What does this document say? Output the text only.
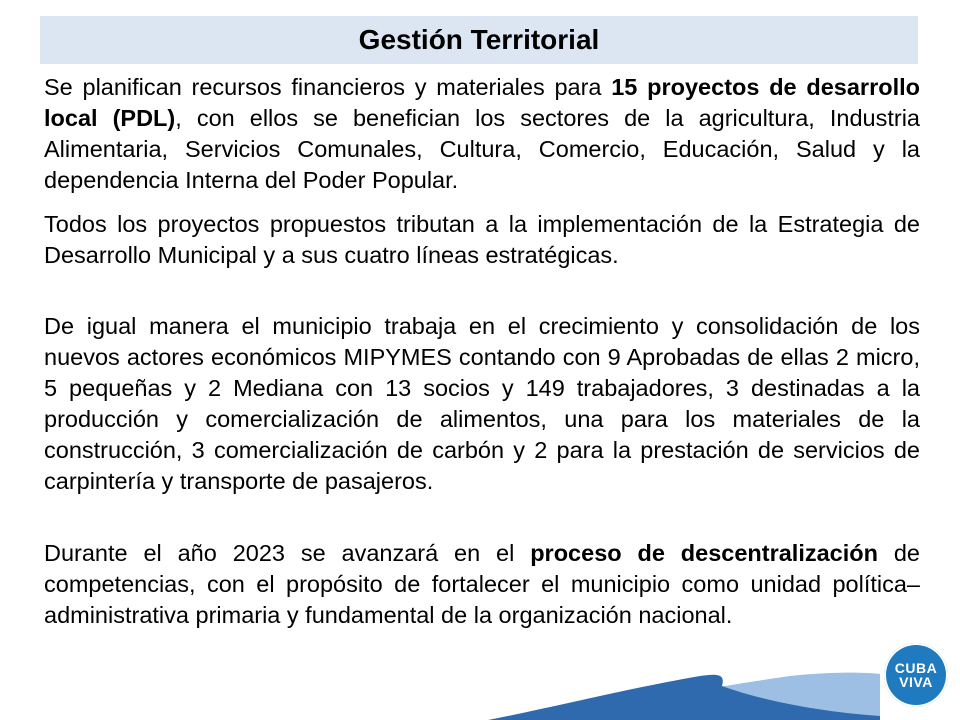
Gestión Territorial

Se planifican recursos financieros y materiales para 15 proyectos de desarrollo local (PDL), con ellos se benefician los sectores de la agricultura, Industria Alimentaria, Servicios Comunales, Cultura, Comercio, Educación, Salud y la dependencia Interna del Poder Popular.

Todos los proyectos propuestos tributan a la implementación de la Estrategia de Desarrollo Municipal y a sus cuatro líneas estratégicas.

De igual manera el municipio trabaja en el crecimiento y consolidación de los nuevos actores económicos MIPYMES contando con 9 Aprobadas de ellas 2 micro, 5 pequeñas y 2 Mediana con 13 socios y 149 trabajadores, 3 destinadas a la producción y comercialización de alimentos, una para los materiales de la construcción, 3 comercialización de carbón y 2 para la prestación de servicios de carpintería y transporte de pasajeros.

Durante el año 2023 se avanzará en el proceso de descentralización de competencias, con el propósito de fortalecer el municipio como unidad política–administrativa primaria y fundamental de la organización nacional.

CUBA
VIVA
